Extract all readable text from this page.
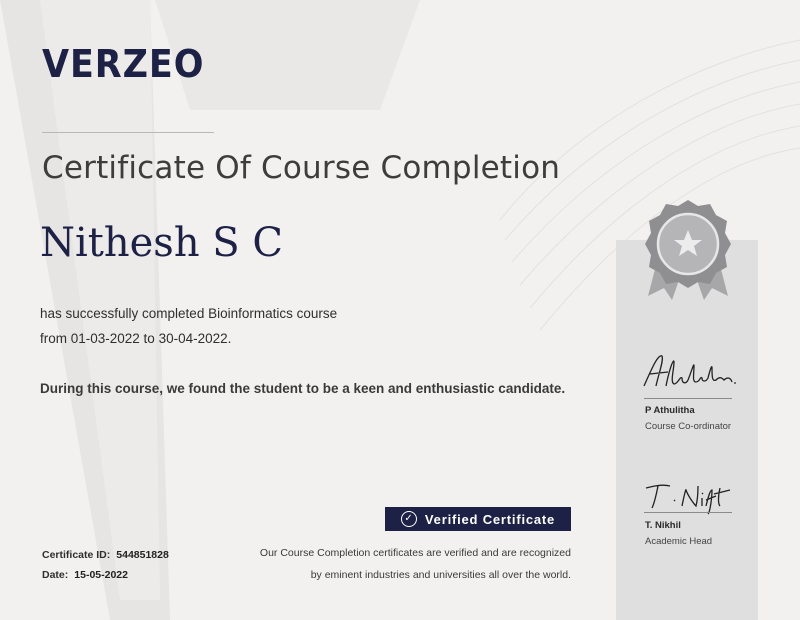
VERZEO
Certificate Of Course Completion
Nithesh S C
has successfully completed Bioinformatics course
from 01-03-2022 to 30-04-2022.
During this course, we found the student to be a keen and enthusiastic candidate.
✓ Verified Certificate
Our Course Completion certificates are verified and are recognized
by eminent industries and universities all over the world.
Certificate ID: 544851828
Date: 15-05-2022
P Athulitha
Course Co-ordinator
T. Nikhil
Academic Head
